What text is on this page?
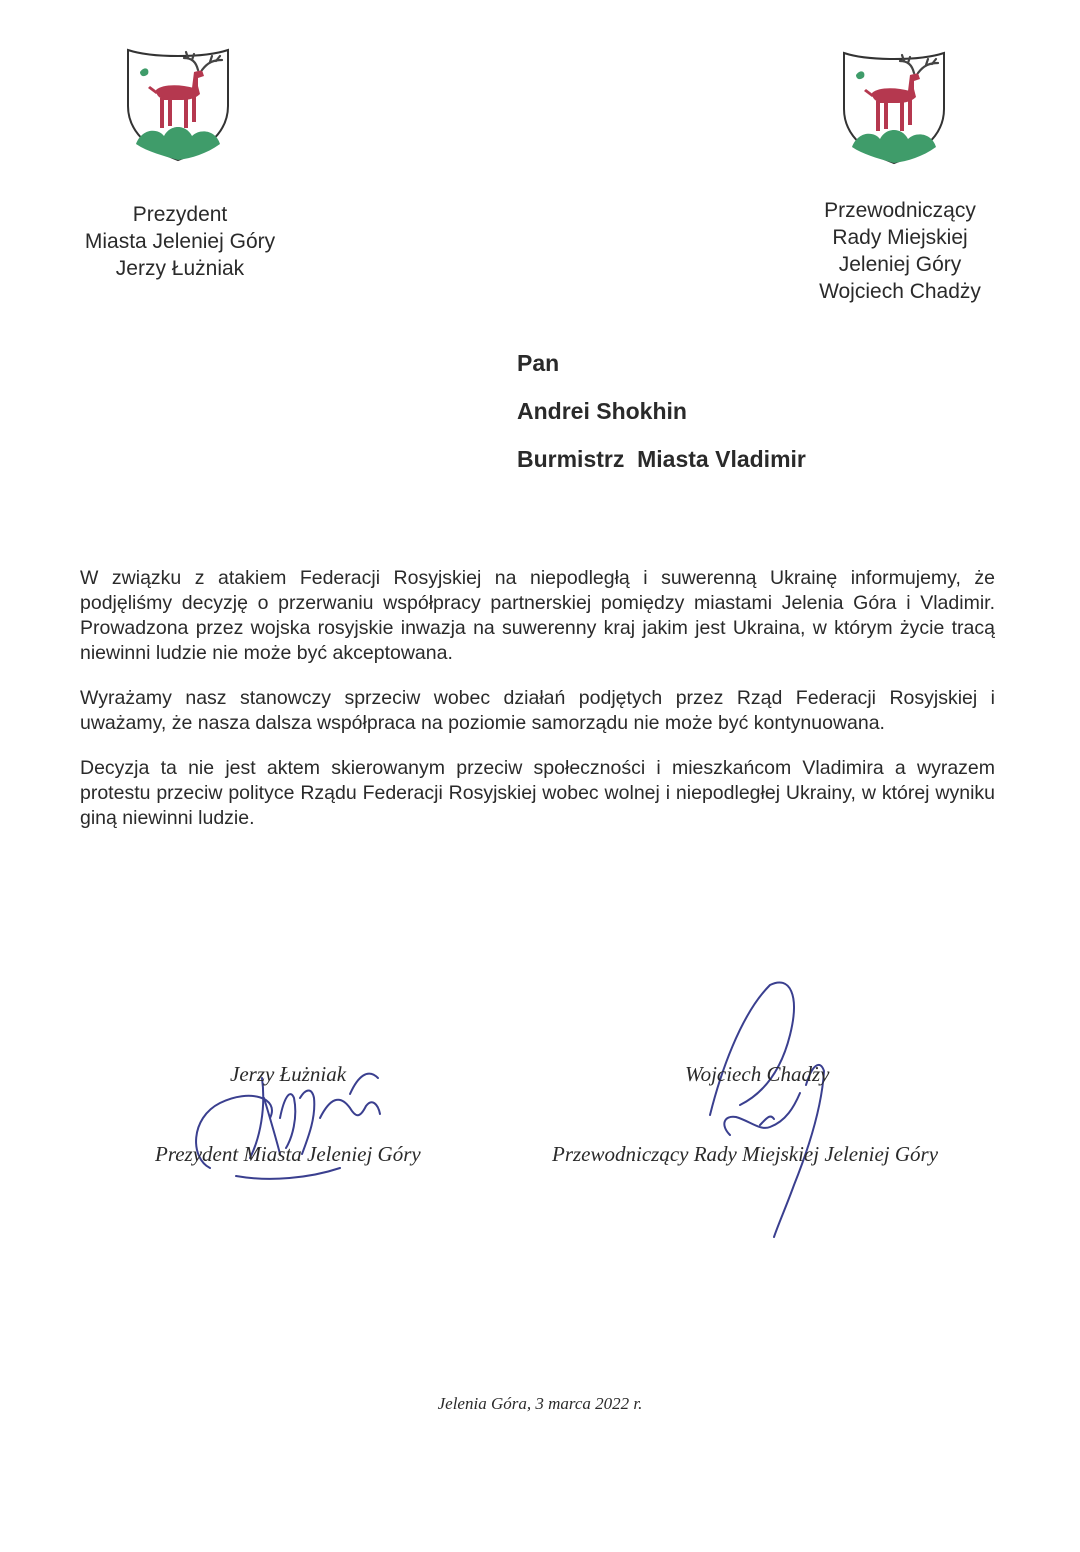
Prezydent
Miasta Jeleniej Góry
Jerzy Łużniak
Przewodniczący
Rady Miejskiej
Jeleniej Góry
Wojciech Chadży
Pan
Andrei Shokhin
Burmistrz  Miasta Vladimir

W związku z atakiem Federacji Rosyjskiej na niepodległą i suwerenną Ukrainę informujemy, że podjęliśmy decyzję o przerwaniu współpracy partnerskiej pomiędzy miastami Jelenia Góra i Vladimir. Prowadzona przez wojska rosyjskie inwazja na suwerenny kraj jakim jest Ukraina, w którym życie tracą niewinni ludzie nie może być akceptowana.

Wyrażamy nasz stanowczy sprzeciw wobec działań podjętych przez Rząd Federacji Rosyjskiej i uważamy, że nasza dalsza współpraca na poziomie samorządu nie może być kontynuowana.

Decyzja ta nie jest aktem skierowanym przeciw społeczności i mieszkańcom Vladimira a wyrazem protestu przeciw polityce Rządu Federacji Rosyjskiej wobec wolnej i niepodległej Ukrainy, w której wyniku giną niewinni ludzie.

Jerzy Łużniak
Prezydent Miasta Jeleniej Góry
Wojciech Chadży
Przewodniczący Rady Miejskiej Jeleniej Góry
Jelenia Góra, 3 marca 2022 r.
